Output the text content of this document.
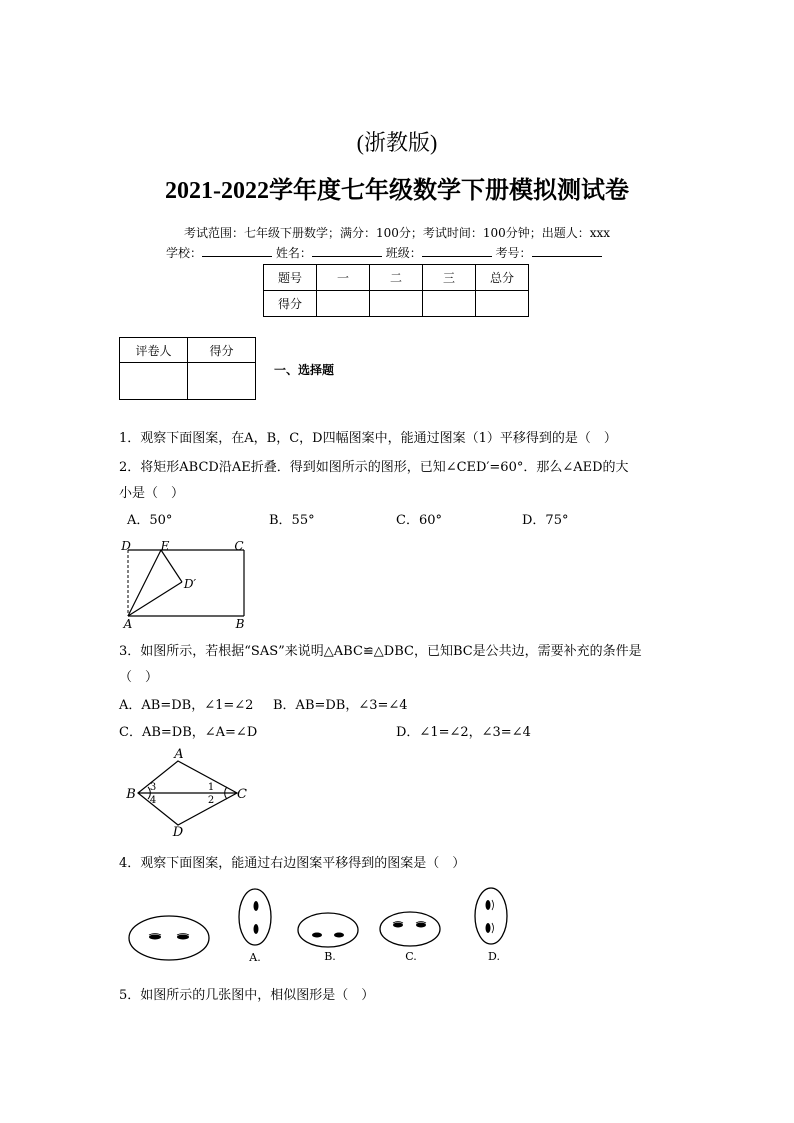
(浙教版)
2021-2022学年度七年级数学下册模拟测试卷
考试范围：七年级下册数学；满分：100分；考试时间：100分钟；出题人：xxx
学校：	姓名：	班级：	考号：
题号	一	二	三	总分
得分				
评卷人	得分

一、选择题
1．观察下面图案，在A，B，C，D四幅图案中，能通过图案（1）平移得到的是（　）
2．将矩形ABCD沿AE折叠．得到如图所示的图形，已知∠CED′=60°．那么∠AED的大
小是（　）
A．50°	B．55°	C．60°	D．75°
D E	C
D′
A	B
3．如图所示，若根据“SAS”来说明△ABC≌△DBC，已知BC是公共边，需要补充的条件是
（　）
A．AB=DB，∠1=∠2 B．AB=DB，∠3=∠4
C．AB=DB，∠A=∠D	D．∠1=∠2，∠3=∠4
A
B	C
D
1
2
3
4
4．观察下面图案，能通过右边图案平移得到的图案是（　）
A.	B.	C.	D.
5．如图所示的几张图中，相似图形是（　）
